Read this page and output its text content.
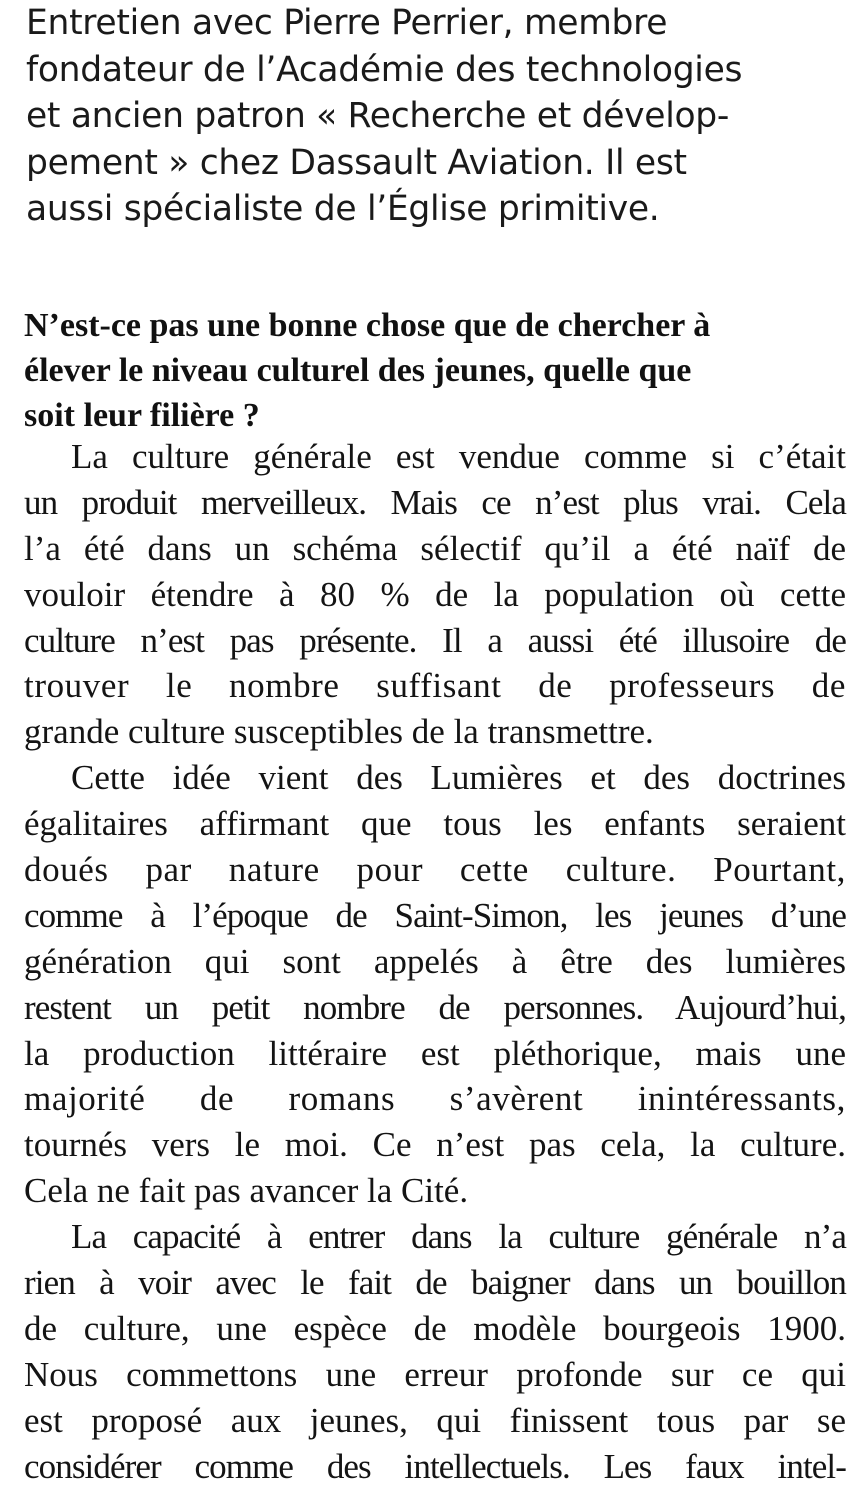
Entretien avec Pierre Perrier, membre
fondateur de l’Académie des technologies
et ancien patron « Recherche et dévelop-
pement » chez Dassault Aviation. Il est
aussi spécialiste de l’Église primitive.
N’est-ce pas une bonne chose que de chercher à
élever le niveau culturel des jeunes, quelle que
soit leur filière ?
La culture générale est vendue comme si c’était
un produit merveilleux. Mais ce n’est plus vrai. Cela
l’a été dans un schéma sélectif qu’il a été naïf de
vouloir étendre à 80 % de la population où cette
culture n’est pas présente. Il a aussi été illusoire de
trouver le nombre suffisant de professeurs de
grande culture susceptibles de la transmettre.
Cette idée vient des Lumières et des doctrines
égalitaires affirmant que tous les enfants seraient
doués par nature pour cette culture. Pourtant,
comme à l’époque de Saint-Simon, les jeunes d’une
génération qui sont appelés à être des lumières
restent un petit nombre de personnes. Aujourd’hui,
la production littéraire est pléthorique, mais une
majorité de romans s’avèrent inintéressants,
tournés vers le moi. Ce n’est pas cela, la culture.
Cela ne fait pas avancer la Cité.
La capacité à entrer dans la culture générale n’a
rien à voir avec le fait de baigner dans un bouillon
de culture, une espèce de modèle bourgeois 1900.
Nous commettons une erreur profonde sur ce qui
est proposé aux jeunes, qui finissent tous par se
considérer comme des intellectuels. Les faux intel-
